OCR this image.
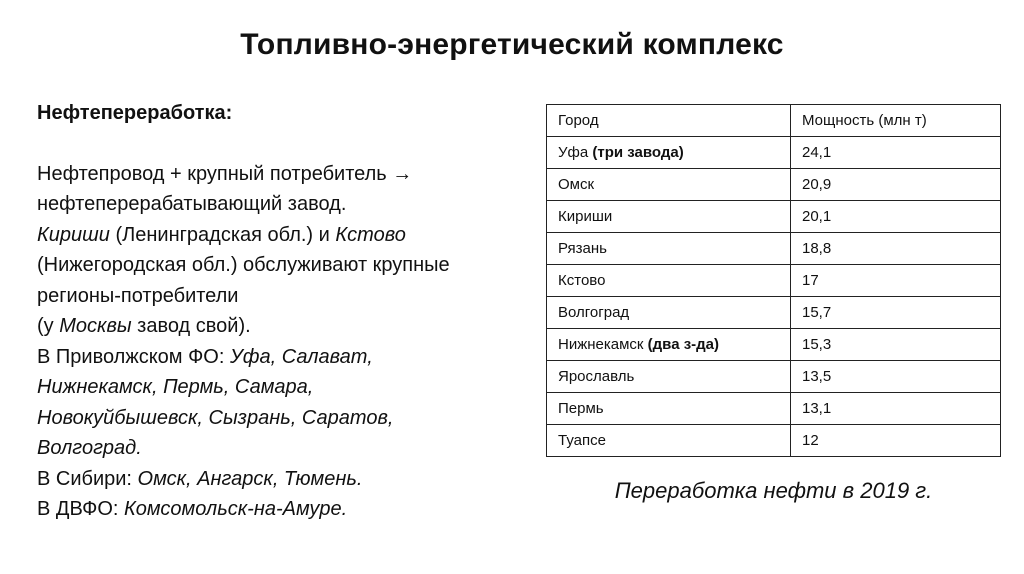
Топливно-энергетический комплекс

Нефтепереработка:

Нефтепровод + крупный потребитель →

нефтеперерабатывающий завод.

Кириши (Ленинградская обл.) и Кстово

(Нижегородская обл.) обслуживают крупные

регионы-потребители

(у Москвы завод свой).

В Приволжском ФО: Уфа, Салават,

Нижнекамск, Пермь, Самара,

Новокуйбышевск, Сызрань, Саратов,

Волгоград.

В Сибири: Омск, Ангарск, Тюмень.

В ДВФО: Комсомольск-на-Амуре.

Город	Мощность (млн т)
Уфа (три завода)	24,1
Омск	20,9
Кириши	20,1
Рязань	18,8
Кстово	17
Волгоград	15,7
Нижнекамск (два з-да)	15,3
Ярославль	13,5
Пермь	13,1
Туапсе	12
Переработка нефти в 2019 г.
